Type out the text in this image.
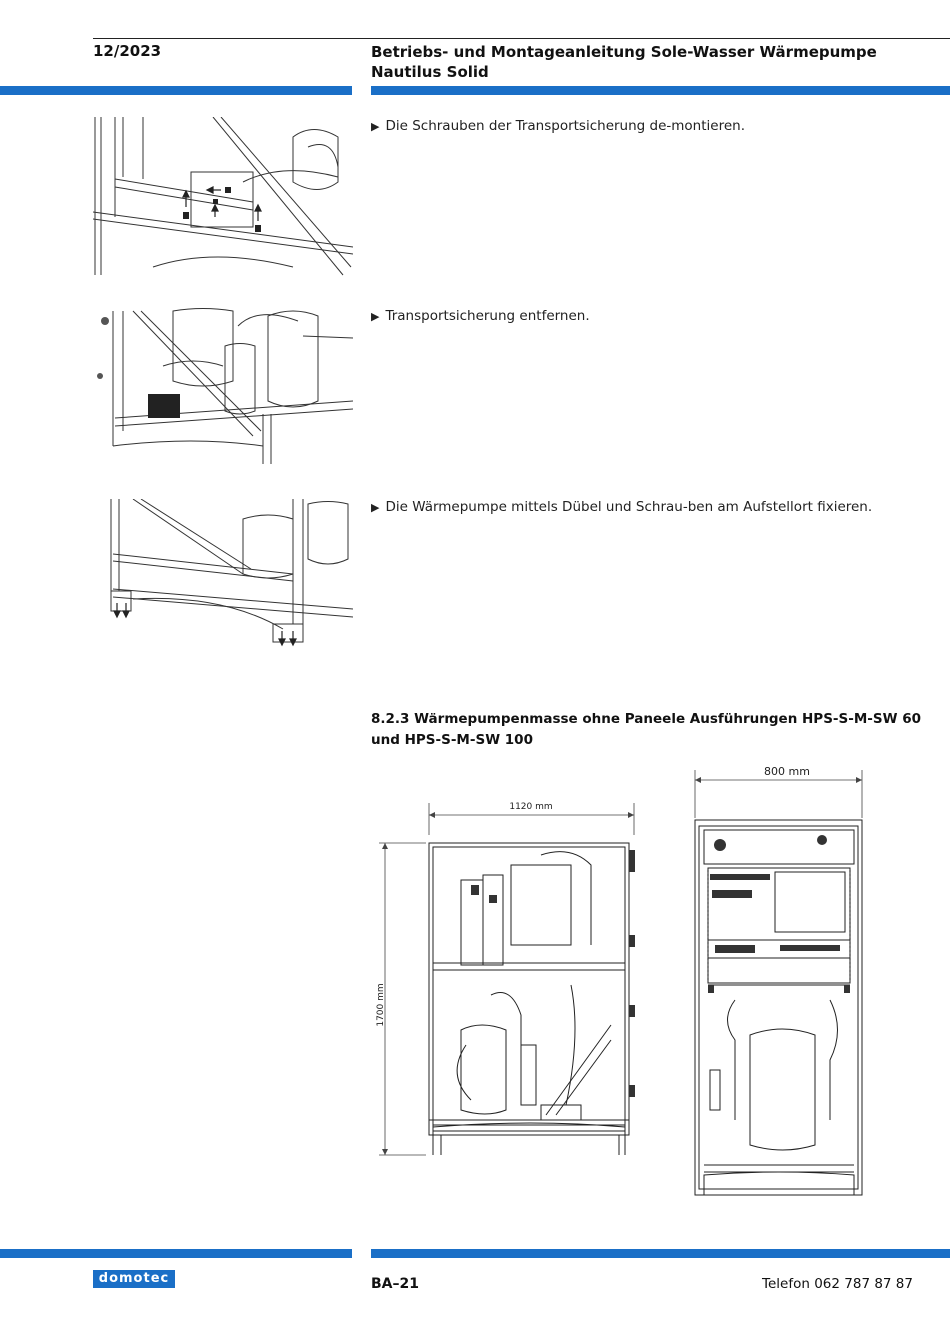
12/2023	Betriebs- und Montageanleitung Sole-Wasser Wärmepumpe
Nautilus Solid
▶ Die Schrauben der Transportsicherung de-montieren.
▶ Transportsicherung entfernen.
▶ Die Wärmepumpe mittels Dübel und Schrau-ben am Aufstellort fixieren.
8.2.3 Wärmepumpenmasse ohne Paneele Ausführungen HPS-S-M-SW 60 und HPS-S-M-SW 100
1120 mm
1700 mm
800 mm
domotec	BA–21	Telefon 062 787 87 87
